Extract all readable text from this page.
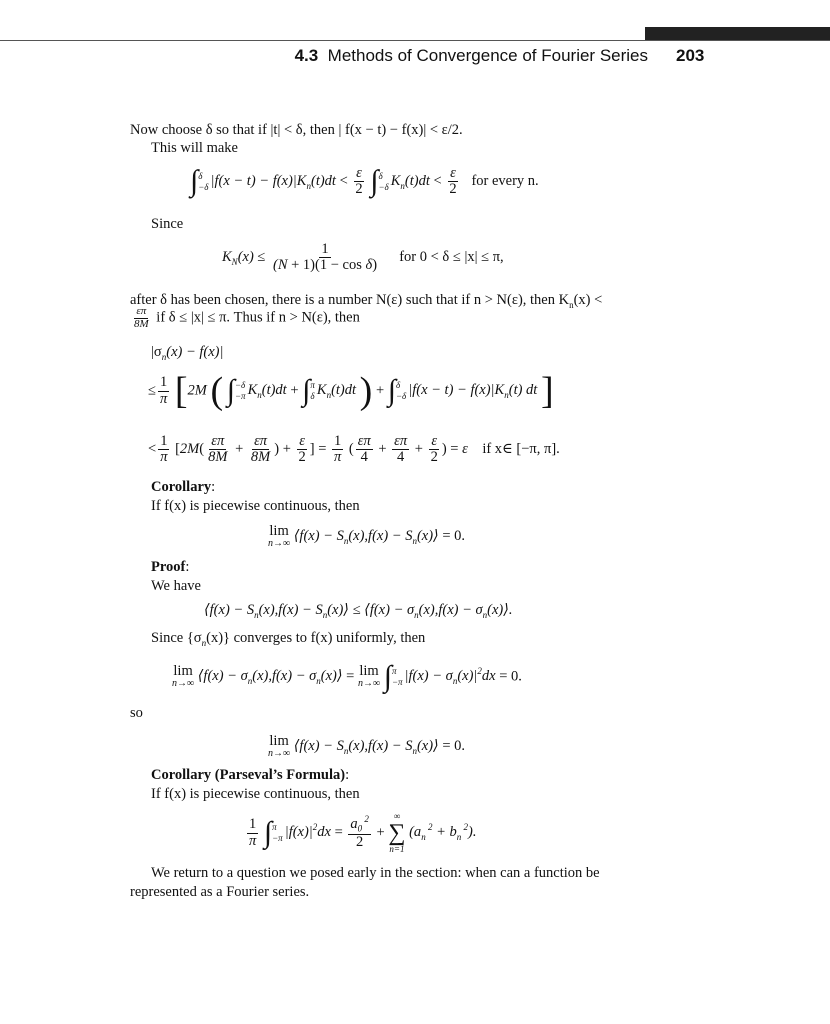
4.3 Methods of Convergence of Fourier Series 203
Now choose δ so that if |t| < δ, then | f(x − t) − f(x)| < ε/2.
This will make
∫ δ
−δ $|f(x - t) - f(x)|K_n(t)dt < \frac{\varepsilon}{2}$ ∫ δ
−δ $K_n(t)dt < \frac{\varepsilon}{2}$ for every n.
Since
$K_N(x) \le \frac{1}{\text{(N + 1)(1 − cos δ)}}$ for 0 < δ ≤ |x| ≤ π,
after δ has been chosen, there is a number N(ε) such that if n > N(ε), then $K_n(x)$ <
$\frac{\varepsilon\pi}{8M}$ if δ ≤ |x| ≤ π. Thus if n > N(ε), then
$|\sigma_n(x) - f(x)|$
≤ $\frac{1}{\pi} [2M$ ( ∫ −δ
−π $K_n(t)dt$ + ∫ π
δ $K_n(t)dt$ ) + ∫ δ
−δ $|f(x - t) - f(x)|K_n(t)$ dt ]
< $\frac{1}{\pi} [2M( \frac{\varepsilon\pi}{8M} + \frac{\varepsilon\pi}{8M}$ ) + $\frac{\varepsilon}{2}$ ] = $\frac{1}{\pi}$ ( $\frac{\varepsilon\pi}{4} + \frac{\varepsilon\pi}{4} + \frac{\varepsilon}{2}$ ) = ε if x∈ [−π, π].
Corollary:
If f(x) is piecewise continuous, then
lim
n→∞ ⟨f(x) − $S_n(x),f(x)$ − $S_n(x)⟩ = 0$.
Proof:
We have
⟨f(x) − $S_n(x),f(x)$ − $S_n(x)⟩$ ≤ ⟨f(x) − $\sigma_n(x),f(x)$ − $\sigma_n(x)⟩$.
Since $\{\sigma_n(x)\}$ converges to f(x) uniformly, then
lim
n→∞ ⟨f(x) − $\sigma_n(x),f(x)$ − $\sigma_n(x)⟩ = \lim$
n→∞ ∫ π
−π $|f(x) - \sigma_n(x)|^2dx = 0$.
so
lim
n→∞ ⟨f(x) − $S_n(x),f(x)$ − $S_n(x)⟩ = 0$.
Corollary (Parseval’s Formula):
If f(x) is piecewise continuous, then
$\frac{1}{\pi}$ ∫ π
−π $|f(x)|^2dx = \frac{a_0 ^2}{2}$ +
∞
∑
n=1
($a_n$ $^2 + b_n$ $^2$).
We return to a question we posed early in the section: when can a function be
represented as a Fourier series.
